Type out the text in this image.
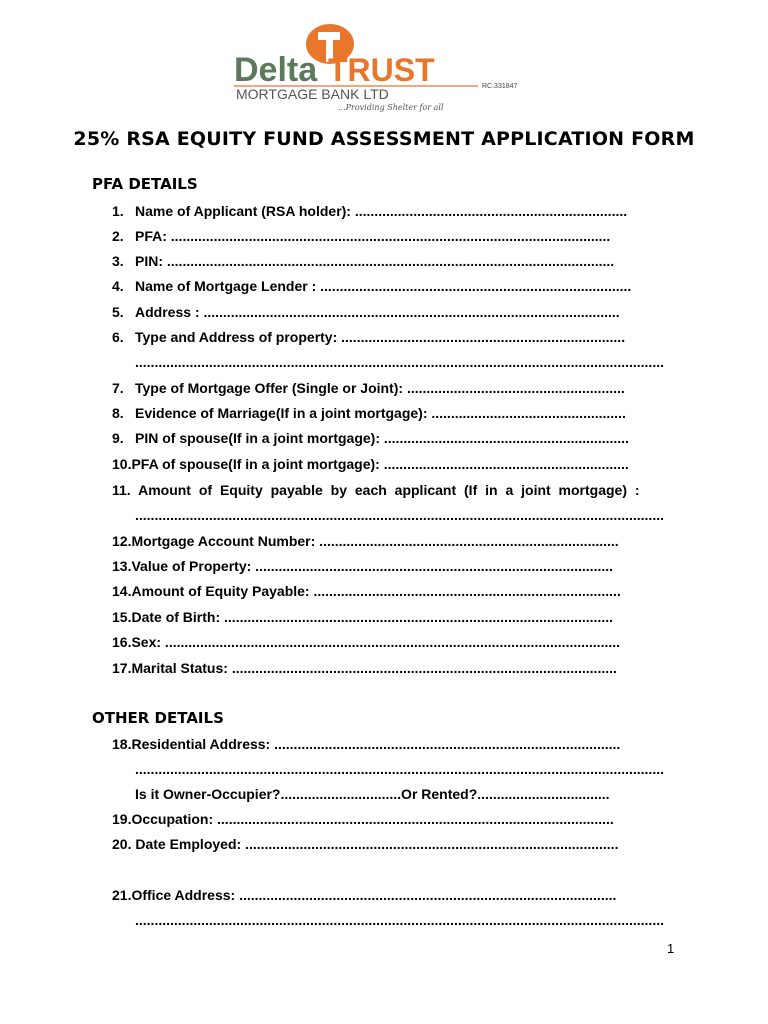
Delta TRUST	RC.331847
MORTGAGE BANK LTD
...Providing Shelter for all
25% RSA EQUITY FUND ASSESSMENT APPLICATION FORM
PFA DETAILS
1. Name of Applicant (RSA holder): ......................................................................
2. PFA: .................................................................................................................
3. PIN: ...................................................................................................................
4. Name of Mortgage Lender : ................................................................................
5. Address : ...........................................................................................................
6. Type and Address of property: .........................................................................
........................................................................................................................................
7. Type of Mortgage Offer (Single or Joint): ........................................................
8. Evidence of Marriage(If in a joint mortgage): ..................................................
9. PIN of spouse(If in a joint mortgage): ...............................................................
10.PFA of spouse(If in a joint mortgage): ...............................................................
11. Amount of Equity payable by each applicant (If in a joint mortgage) :
........................................................................................................................................
12.Mortgage Account Number: .............................................................................
13.Value of Property: ............................................................................................
14.Amount of Equity Payable: ...............................................................................
15.Date of Birth: ....................................................................................................
16.Sex: .....................................................................................................................
17.Marital Status: ...................................................................................................
OTHER DETAILS
18.Residential Address: .........................................................................................
........................................................................................................................................
Is it Owner-Occupier?...............................Or Rented?..................................
19.Occupation: ......................................................................................................
20. Date Employed: ................................................................................................
21.Office Address: .................................................................................................
........................................................................................................................................
1
